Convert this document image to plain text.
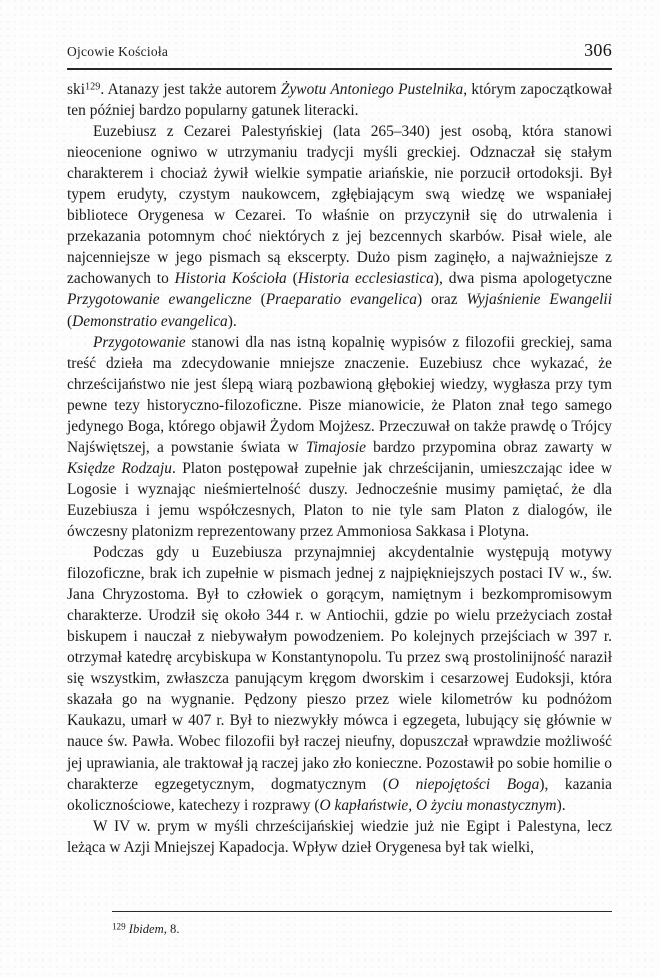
Ojcowie Kościoła	306

ski$^{129}$. Atanazy jest także autorem Żywotu Antoniego Pustelnika, którym zapoczątkował ten później bardzo popularny gatunek literacki.

Euzebiusz z Cezarei Palestyńskiej (lata 265–340) jest osobą, która stanowi nieocenione ogniwo w utrzymaniu tradycji myśli greckiej. Odznaczał się stałym charakterem i chociaż żywił wielkie sympatie ariańskie, nie porzucił ortodoksji. Był typem erudyty, czystym naukowcem, zgłębiającym swą wiedzę we wspaniałej bibliotece Orygenesa w Cezarei. To właśnie on przyczynił się do utrwalenia i przekazania potomnym choć niektórych z jej bezcennych skarbów. Pisał wiele, ale najcenniejsze w jego pismach są ekscerpty. Dużo pism zaginęło, a najważniejsze z zachowanych to Historia Kościoła (Historia ecclesiastica), dwa pisma apologetyczne Przygotowanie ewangeliczne (Praeparatio evangelica) oraz Wyjaśnienie Ewangelii (Demonstratio evangelica).

Przygotowanie stanowi dla nas istną kopalnię wypisów z filozofii greckiej, sama treść dzieła ma zdecydowanie mniejsze znaczenie. Euzebiusz chce wykazać, że chrześcijaństwo nie jest ślepą wiarą pozbawioną głębokiej wiedzy, wygłasza przy tym pewne tezy historyczno-filozoficzne. Pisze mianowicie, że Platon znał tego samego jedynego Boga, którego objawił Żydom Mojżesz. Przeczuwał on także prawdę o Trójcy Najświętszej, a powstanie świata w Timajosie bardzo przypomina obraz zawarty w Księdze Rodzaju. Platon postępował zupełnie jak chrześcijanin, umieszczając idee w Logosie i wyznając nieśmiertelność duszy. Jednocześnie musimy pamiętać, że dla Euzebiusza i jemu współczesnych, Platon to nie tyle sam Platon z dialogów, ile ówczesny platonizm reprezentowany przez Ammoniosa Sakkasa i Plotyna.

Podczas gdy u Euzebiusza przynajmniej akcydentalnie występują motywy filozoficzne, brak ich zupełnie w pismach jednej z najpiękniejszych postaci IV w., św. Jana Chryzostoma. Był to człowiek o gorącym, namiętnym i bezkompromisowym charakterze. Urodził się około 344 r. w Antiochii, gdzie po wielu przeżyciach został biskupem i nauczał z niebywałym powodzeniem. Po kolejnych przejściach w 397 r. otrzymał katedrę arcybiskupa w Konstantynopolu. Tu przez swą prostolinijność naraził się wszystkim, zwłaszcza panującym kręgom dworskim i cesarzowej Eudoksji, która skazała go na wygnanie. Pędzony pieszo przez wiele kilometrów ku podnóżom Kaukazu, umarł w 407 r. Był to niezwykły mówca i egzegeta, lubujący się głównie w nauce św. Pawła. Wobec filozofii był raczej nieufny, dopuszczał wprawdzie możliwość jej uprawiania, ale traktował ją raczej jako zło konieczne. Pozostawił po sobie homilie o charakterze egzegetycznym, dogmatycznym (O niepojętości Boga), kazania okolicznościowe, katechezy i rozprawy (O kapłaństwie, O życiu monastycznym).

W IV w. prym w myśli chrześcijańskiej wiedzie już nie Egipt i Palestyna, lecz leżąca w Azji Mniejszej Kapadocja. Wpływ dzieł Orygenesa był tak wielki,

$^{129}$ Ibidem, 8.
